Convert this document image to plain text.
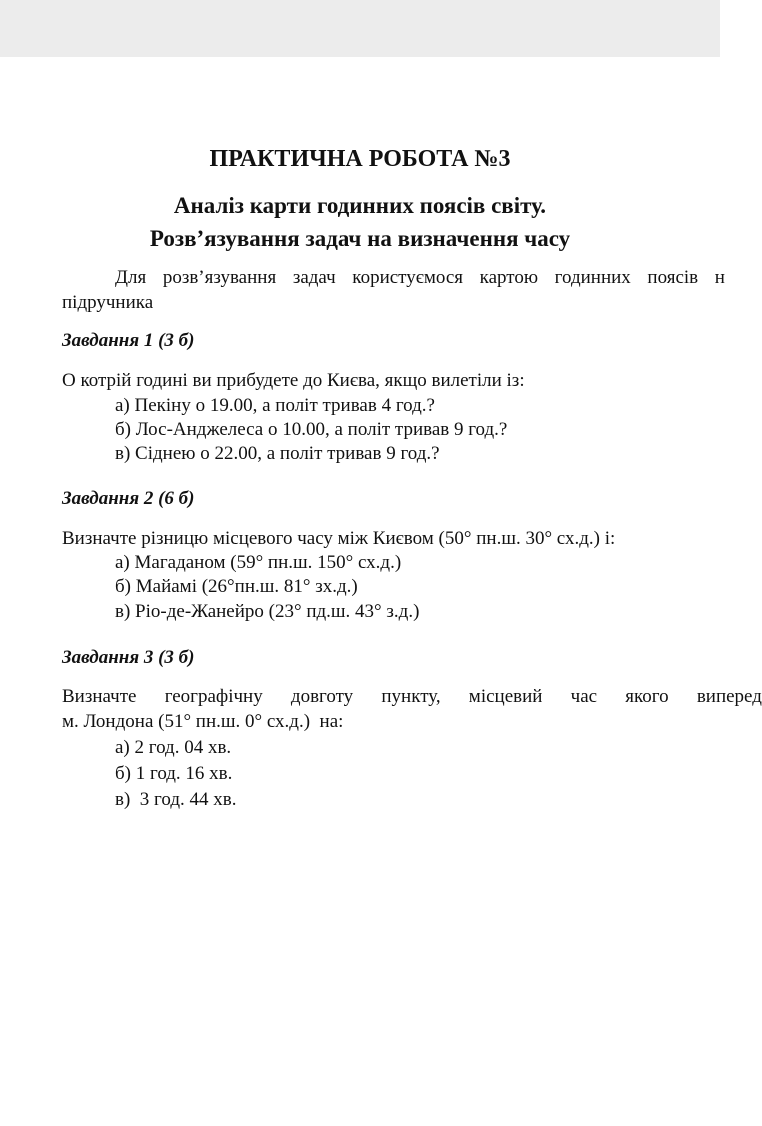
ПРАКТИЧНА РОБОТА №3
Аналіз карти годинних поясів світу.
Розв’язування задач на визначення часу
Для розв’язування задач користуємося картою годинних поясів н
підручника
Завдання 1 (3 б)
О котрій годині ви прибудете до Києва, якщо вилетіли із:
а) Пекіну о 19.00, а політ тривав 4 год.?
б) Лос-Анджелеса о 10.00, а політ тривав 9 год.?
в) Сіднею о 22.00, а політ тривав 9 год.?
Завдання 2 (6 б)
Визначте різницю місцевого часу між Києвом (50° пн.ш. 30° сх.д.) і:
а) Магаданом (59° пн.ш. 150° сх.д.)
б) Майамі (26°пн.ш. 81° зх.д.)
в) Ріо-де-Жанейро (23° пд.ш. 43° з.д.)
Завдання 3 (3 б)
Визначте географічну довготу пункту, місцевий час якого виперед
м. Лондона (51° пн.ш. 0° сх.д.)  на:
а) 2 год. 04 хв.
б) 1 год. 16 хв.
в)  3 год. 44 хв.
